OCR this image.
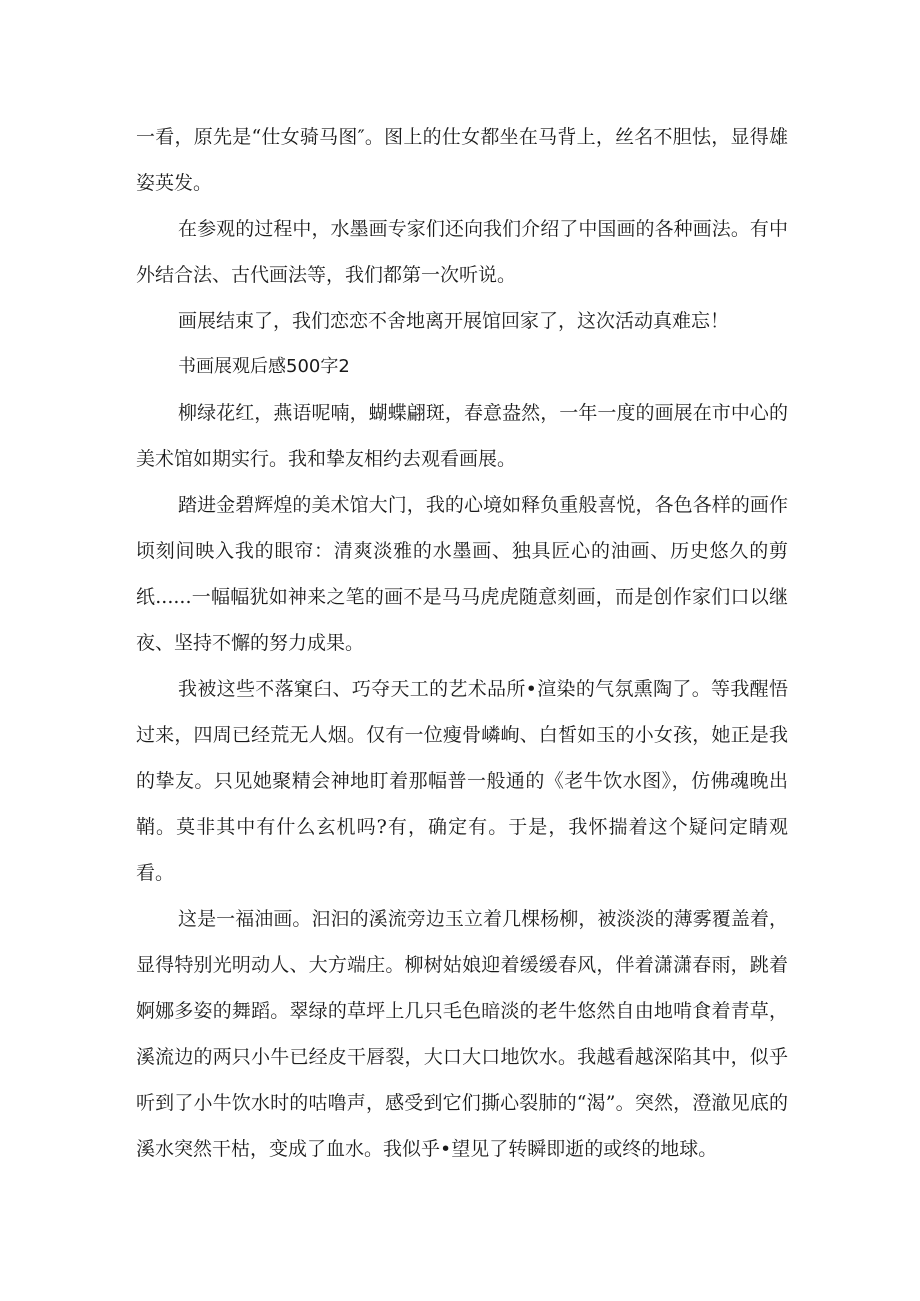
一看，原先是“仕女骑马图″。图上的仕女都坐在马背上，丝名不胆怯，显得雄姿英发。

在参观的过程中，水墨画专家们还向我们介绍了中国画的各种画法。有中外结合法、古代画法等，我们都第一次听说。

画展结束了，我们恋恋不舍地离开展馆回家了，这次活动真难忘！

书画展观后感500字2

柳绿花红，燕语呢喃，蝴蝶翩斑，春意盎然，一年一度的画展在市中心的美术馆如期实行。我和挚友相约去观看画展。

踏进金碧辉煌的美术馆大门，我的心境如释负重般喜悦，各色各样的画作顷刻间映入我的眼帘：清爽淡雅的水墨画、独具匠心的油画、历史悠久的剪纸......一幅幅犹如神来之笔的画不是马马虎虎随意刻画，而是创作家们口以继夜、坚持不懈的努力成果。

我被这些不落窠臼、巧夺天工的艺术品所•渲染的气氛熏陶了。等我醒悟过来，四周已经荒无人烟。仅有一位瘦骨嶙峋、白皙如玉的小女孩，她正是我的挚友。只见她聚精会神地盯着那幅普一般通的《老牛饮水图》，仿佛魂晚出鞘。莫非其中有什么玄机吗?有，确定有。于是，我怀揣着这个疑问定睛观看。

这是一福油画。汩汩的溪流旁边玉立着几棵杨柳，被淡淡的薄雾覆盖着，显得特别光明动人、大方端庄。柳树姑娘迎着缓缓春风，伴着潇潇春雨，跳着婀娜多姿的舞蹈。翠绿的草坪上几只毛色暗淡的老牛悠然自由地啃食着青草，溪流边的两只小牛已经皮干唇裂，大口大口地饮水。我越看越深陷其中，似乎听到了小牛饮水时的咕噜声，感受到它们撕心裂肺的“渴”。突然，澄澈见底的溪水突然干枯，变成了血水。我似乎•望见了转瞬即逝的或终的地球。
